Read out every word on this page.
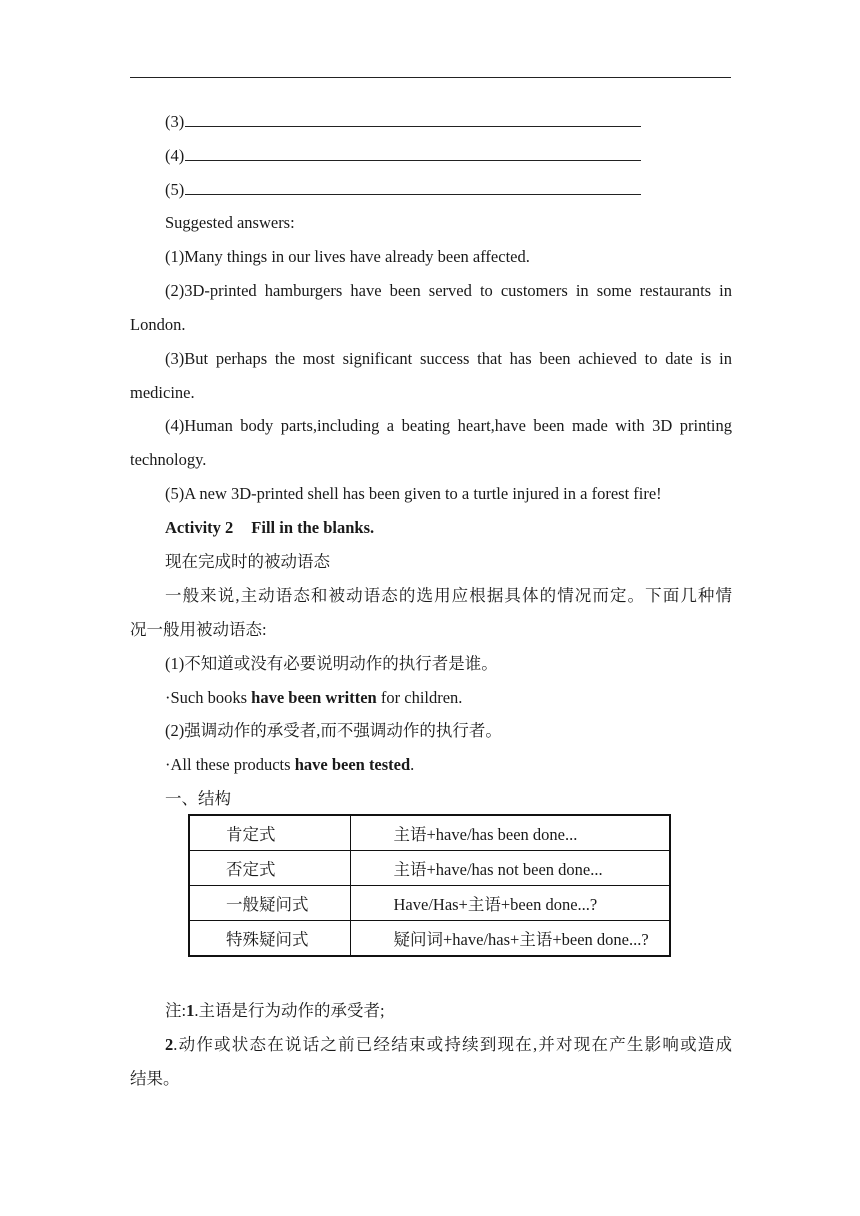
(3)
(4)
(5)
Suggested answers:
(1)Many things in our lives have already been affected.
(2)3D-printed hamburgers have been served to customers in some restaurants in
London.
(3)But perhaps the most significant success that has been achieved to date is in
medicine.
(4)Human body parts,including a beating heart,have been made with 3D printing
technology.
(5)A new 3D-printed shell has been given to a turtle injured in a forest fire!
Activity 2 Fill in the blanks.
现在完成时的被动语态
一般来说,主动语态和被动语态的选用应根据具体的情况而定。下面几种情
况一般用被动语态:
(1)不知道或没有必要说明动作的执行者是谁。
·Such books have been written for children.
(2)强调动作的承受者,而不强调动作的执行者。
·All these products have been tested.
一、结构
肯定式	主语+have/has been done...
否定式	主语+have/has not been done...
一般疑问式	Have/Has+主语+been done...?
特殊疑问式	疑问词+have/has+主语+been done...?
注:1.主语是行为动作的承受者;
2.动作或状态在说话之前已经结束或持续到现在,并对现在产生影响或造成
结果。
